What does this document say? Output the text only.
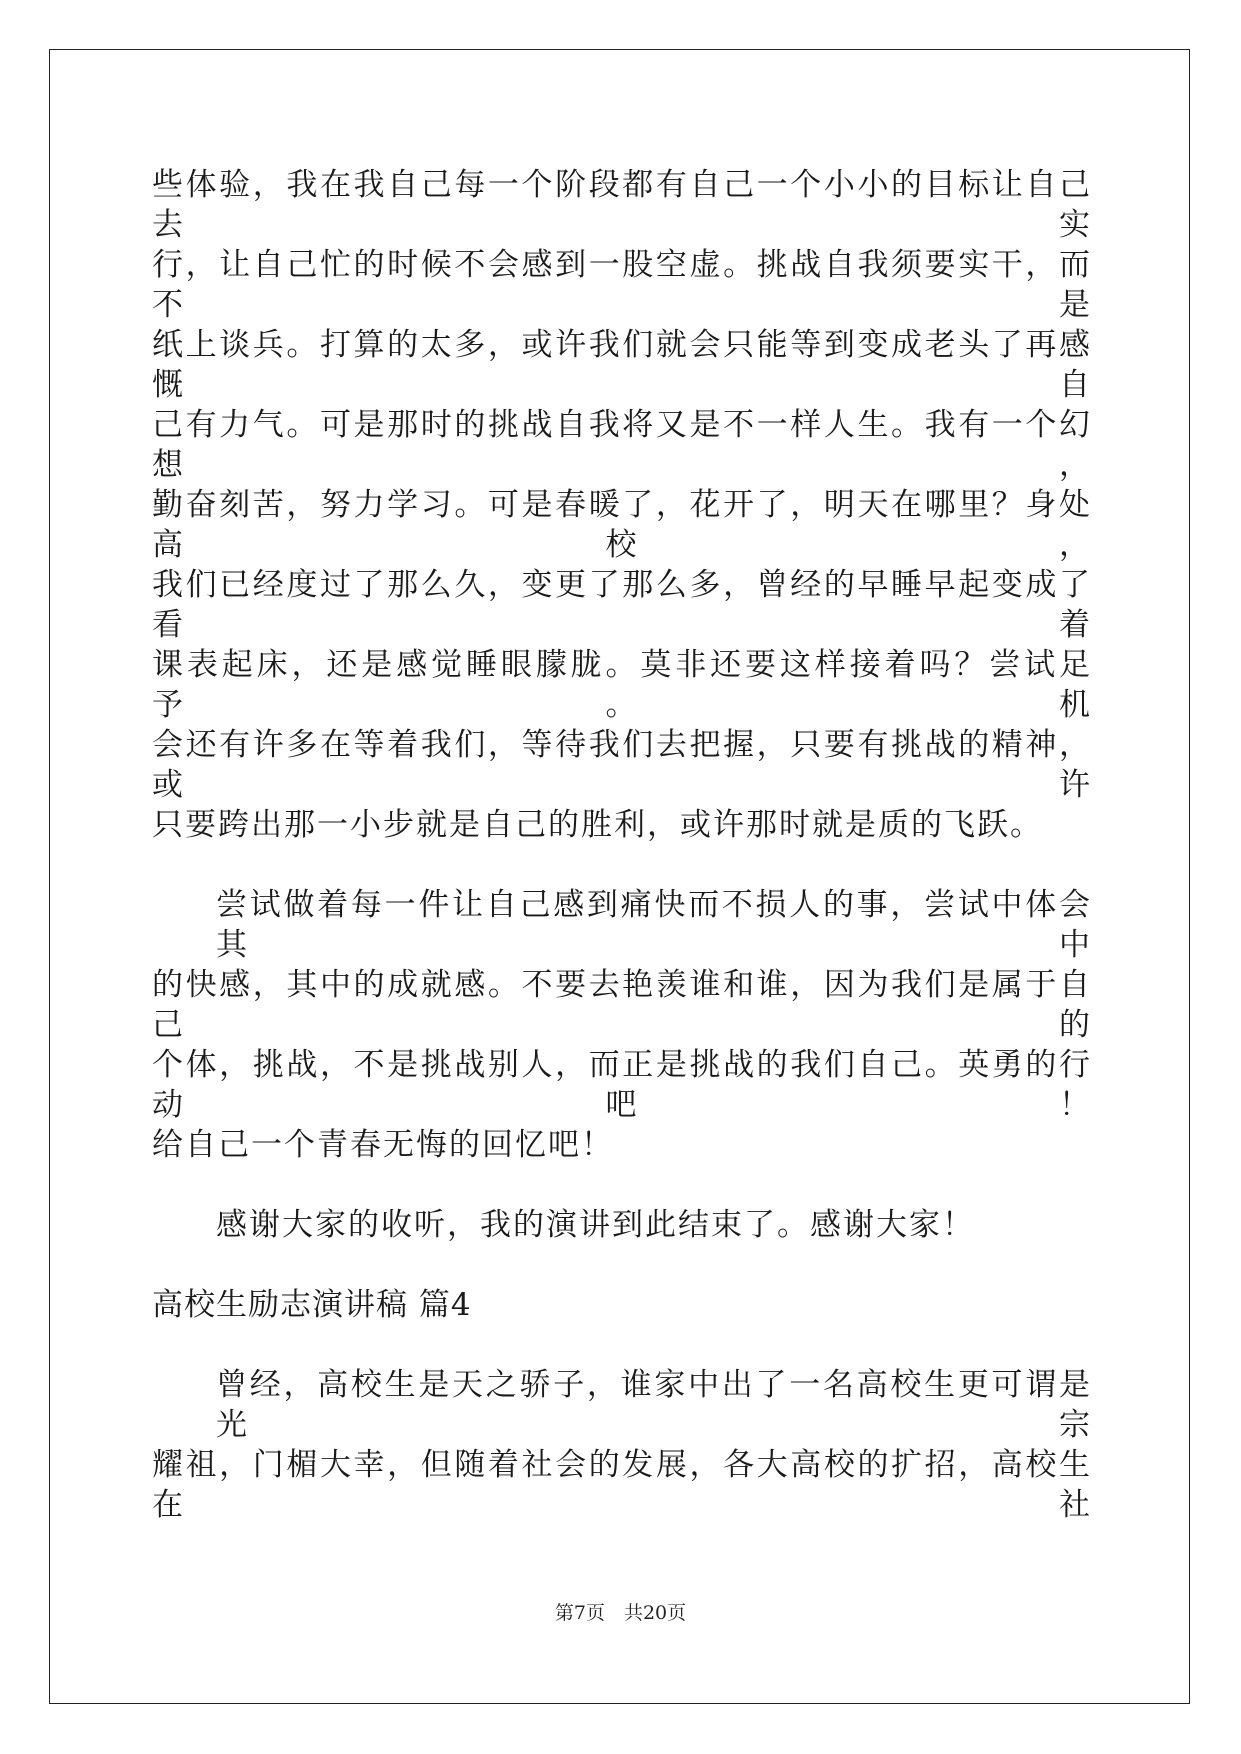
些体验，我在我自己每一个阶段都有自己一个小小的目标让自己去实
行，让自己忙的时候不会感到一股空虚。挑战自我须要实干，而不是
纸上谈兵。打算的太多，或许我们就会只能等到变成老头了再感慨自
己有力气。可是那时的挑战自我将又是不一样人生。我有一个幻想，
勤奋刻苦，努力学习。可是春暖了，花开了，明天在哪里？身处高校，
我们已经度过了那么久，变更了那么多，曾经的早睡早起变成了看着
课表起床，还是感觉睡眼朦胧。莫非还要这样接着吗？尝试足予。机
会还有许多在等着我们，等待我们去把握，只要有挑战的精神，或许
只要跨出那一小步就是自己的胜利，或许那时就是质的飞跃。
尝试做着每一件让自己感到痛快而不损人的事，尝试中体会其中
的快感，其中的成就感。不要去艳羡谁和谁，因为我们是属于自己的
个体，挑战，不是挑战别人，而正是挑战的我们自己。英勇的行动吧！
给自己一个青春无悔的回忆吧！
感谢大家的收听，我的演讲到此结束了。感谢大家！
高校生励志演讲稿 篇4
曾经，高校生是天之骄子，谁家中出了一名高校生更可谓是光宗
耀祖，门楣大幸，但随着社会的发展，各大高校的扩招，高校生在社
第7页　共20页
